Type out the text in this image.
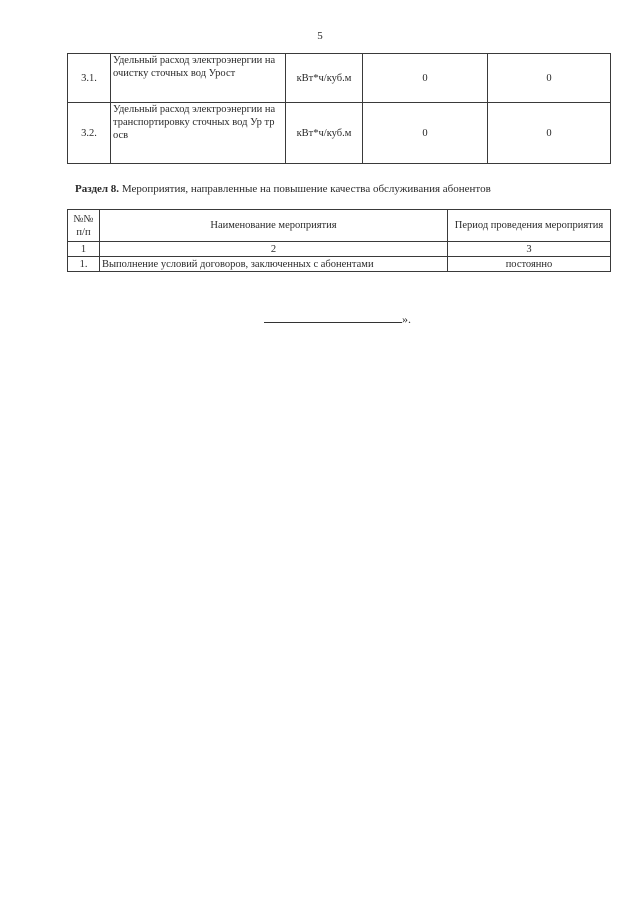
5
3.1.	Удельный расход электроэнергии на очистку сточных вод Урост	кВт*ч/куб.м	0	0
3.2.	Удельный расход электроэнергии на транспортировку сточных вод Ур тр осв	кВт*ч/куб.м	0	0
Раздел 8. Мероприятия, направленные на повышение качества обслуживания абонентов
№№ п/п	Наименование мероприятия	Период проведения мероприятия
1	2	3
1.	Выполнение условий договоров, заключенных с абонентами	постоянно
».
